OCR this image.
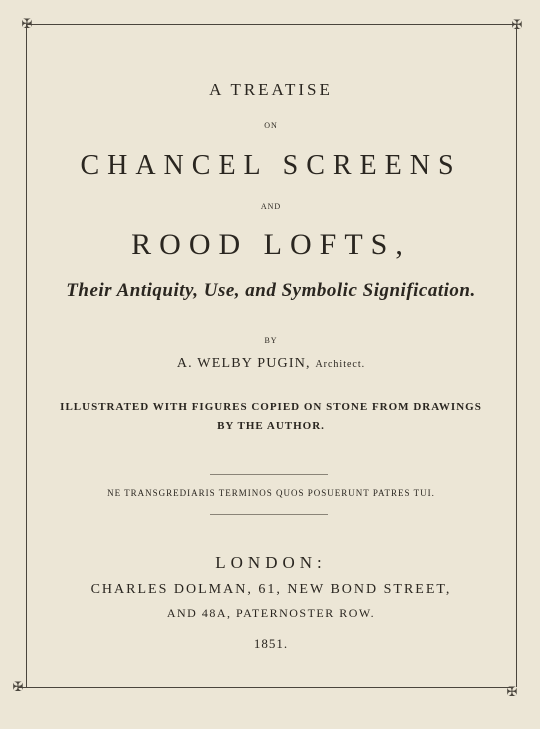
✠	✠
✠	✠
A TREATISE
ON
CHANCEL SCREENS
AND
ROOD LOFTS,
Their Antiquity, Use, and Symbolic Signification.
BY
A. WELBY PUGIN, Architect.
ILLUSTRATED WITH FIGURES COPIED ON STONE FROM DRAWINGS
BY THE AUTHOR.
NE TRANSGREDIARIS TERMINOS QUOS POSUERUNT PATRES TUI.
LONDON:
CHARLES DOLMAN, 61, NEW BOND STREET,
AND 48A, PATERNOSTER ROW.
1851.
